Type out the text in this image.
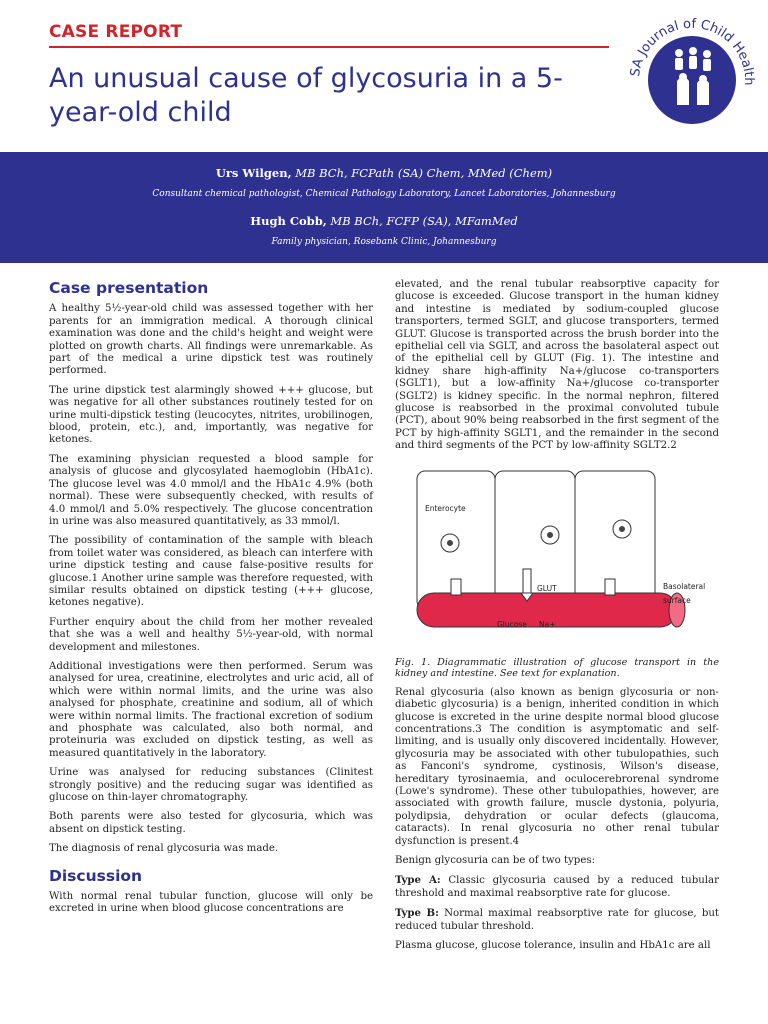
CASE REPORT
An unusual cause of glycosuria in a 5-year-old child
SA Journal of Child Health

Urs Wilgen, MB BCh, FCPath (SA) Chem, MMed (Chem)

Consultant chemical pathologist, Chemical Pathology Laboratory, Lancet Laboratories, Johannesburg

Hugh Cobb, MB BCh, FCFP (SA), MFamMed

Family physician, Rosebank Clinic, Johannesburg

Case presentation

A healthy 5½-year-old child was assessed together with her parents for an immigration medical. A thorough clinical examination was done and the child's height and weight were plotted on growth charts. All findings were unremarkable. As part of the medical a urine dipstick test was routinely performed.

The urine dipstick test alarmingly showed +++ glucose, but was negative for all other substances routinely tested for on urine multi-dipstick testing (leucocytes, nitrites, urobilinogen, blood, protein, etc.), and, importantly, was negative for ketones.

The examining physician requested a blood sample for analysis of glucose and glycosylated haemoglobin (HbA1c). The glucose level was 4.0 mmol/l and the HbA1c 4.9% (both normal). These were subsequently checked, with results of 4.0 mmol/l and 5.0% respectively. The glucose concentration in urine was also measured quantitatively, as 33 mmol/l.

The possibility of contamination of the sample with bleach from toilet water was considered, as bleach can interfere with urine dipstick testing and cause false-positive results for glucose.1 Another urine sample was therefore requested, with similar results obtained on dipstick testing (+++ glucose, ketones negative).

Further enquiry about the child from her mother revealed that she was a well and healthy 5½-year-old, with normal development and milestones.

Additional investigations were then performed. Serum was analysed for urea, creatinine, electrolytes and uric acid, all of which were within normal limits, and the urine was also analysed for phosphate, creatinine and sodium, all of which were within normal limits. The fractional excretion of sodium and phosphate was calculated, also both normal, and proteinuria was excluded on dipstick testing, as well as measured quantitatively in the laboratory.

Urine was analysed for reducing substances (Clinitest strongly positive) and the reducing sugar was identified as glucose on thin-layer chromatography.

Both parents were also tested for glycosuria, which was absent on dipstick testing.

The diagnosis of renal glycosuria was made.

Discussion

With normal renal tubular function, glucose will only be excreted in urine when blood glucose concentrations are

elevated, and the renal tubular reabsorptive capacity for glucose is exceeded. Glucose transport in the human kidney and intestine is mediated by sodium-coupled glucose transporters, termed SGLT, and glucose transporters, termed GLUT. Glucose is transported across the brush border into the epithelial cell via SGLT, and across the basolateral aspect out of the epithelial cell by GLUT (Fig. 1). The intestine and kidney share high-affinity Na+/glucose co-transporters (SGLT1), but a low-affinity Na+/glucose co-transporter (SGLT2) is kidney specific. In the normal nephron, filtered glucose is reabsorbed in the proximal convoluted tubule (PCT), about 90% being reabsorbed in the first segment of the PCT by high-affinity SGLT1, and the remainder in the second and third segments of the PCT by low-affinity SGLT2.2

Enterocyte
GLUT	Basolateral
surface
Glucose Na+

Fig. 1. Diagrammatic illustration of glucose transport in the kidney and intestine. See text for explanation.

Renal glycosuria (also known as benign glycosuria or non-diabetic glycosuria) is a benign, inherited condition in which glucose is excreted in the urine despite normal blood glucose concentrations.3 The condition is asymptomatic and self-limiting, and is usually only discovered incidentally. However, glycosuria may be associated with other tubulopathies, such as Fanconi's syndrome, cystinosis, Wilson's disease, hereditary tyrosinaemia, and oculocerebrorenal syndrome (Lowe's syndrome). These other tubulopathies, however, are associated with growth failure, muscle dystonia, polyuria, polydipsia, dehydration or ocular defects (glaucoma, cataracts). In renal glycosuria no other renal tubular dysfunction is present.4

Benign glycosuria can be of two types:

Type A: Classic glycosuria caused by a reduced tubular threshold and maximal reabsorptive rate for glucose.

Type B: Normal maximal reabsorptive rate for glucose, but reduced tubular threshold.

Plasma glucose, glucose tolerance, insulin and HbA1c are all
